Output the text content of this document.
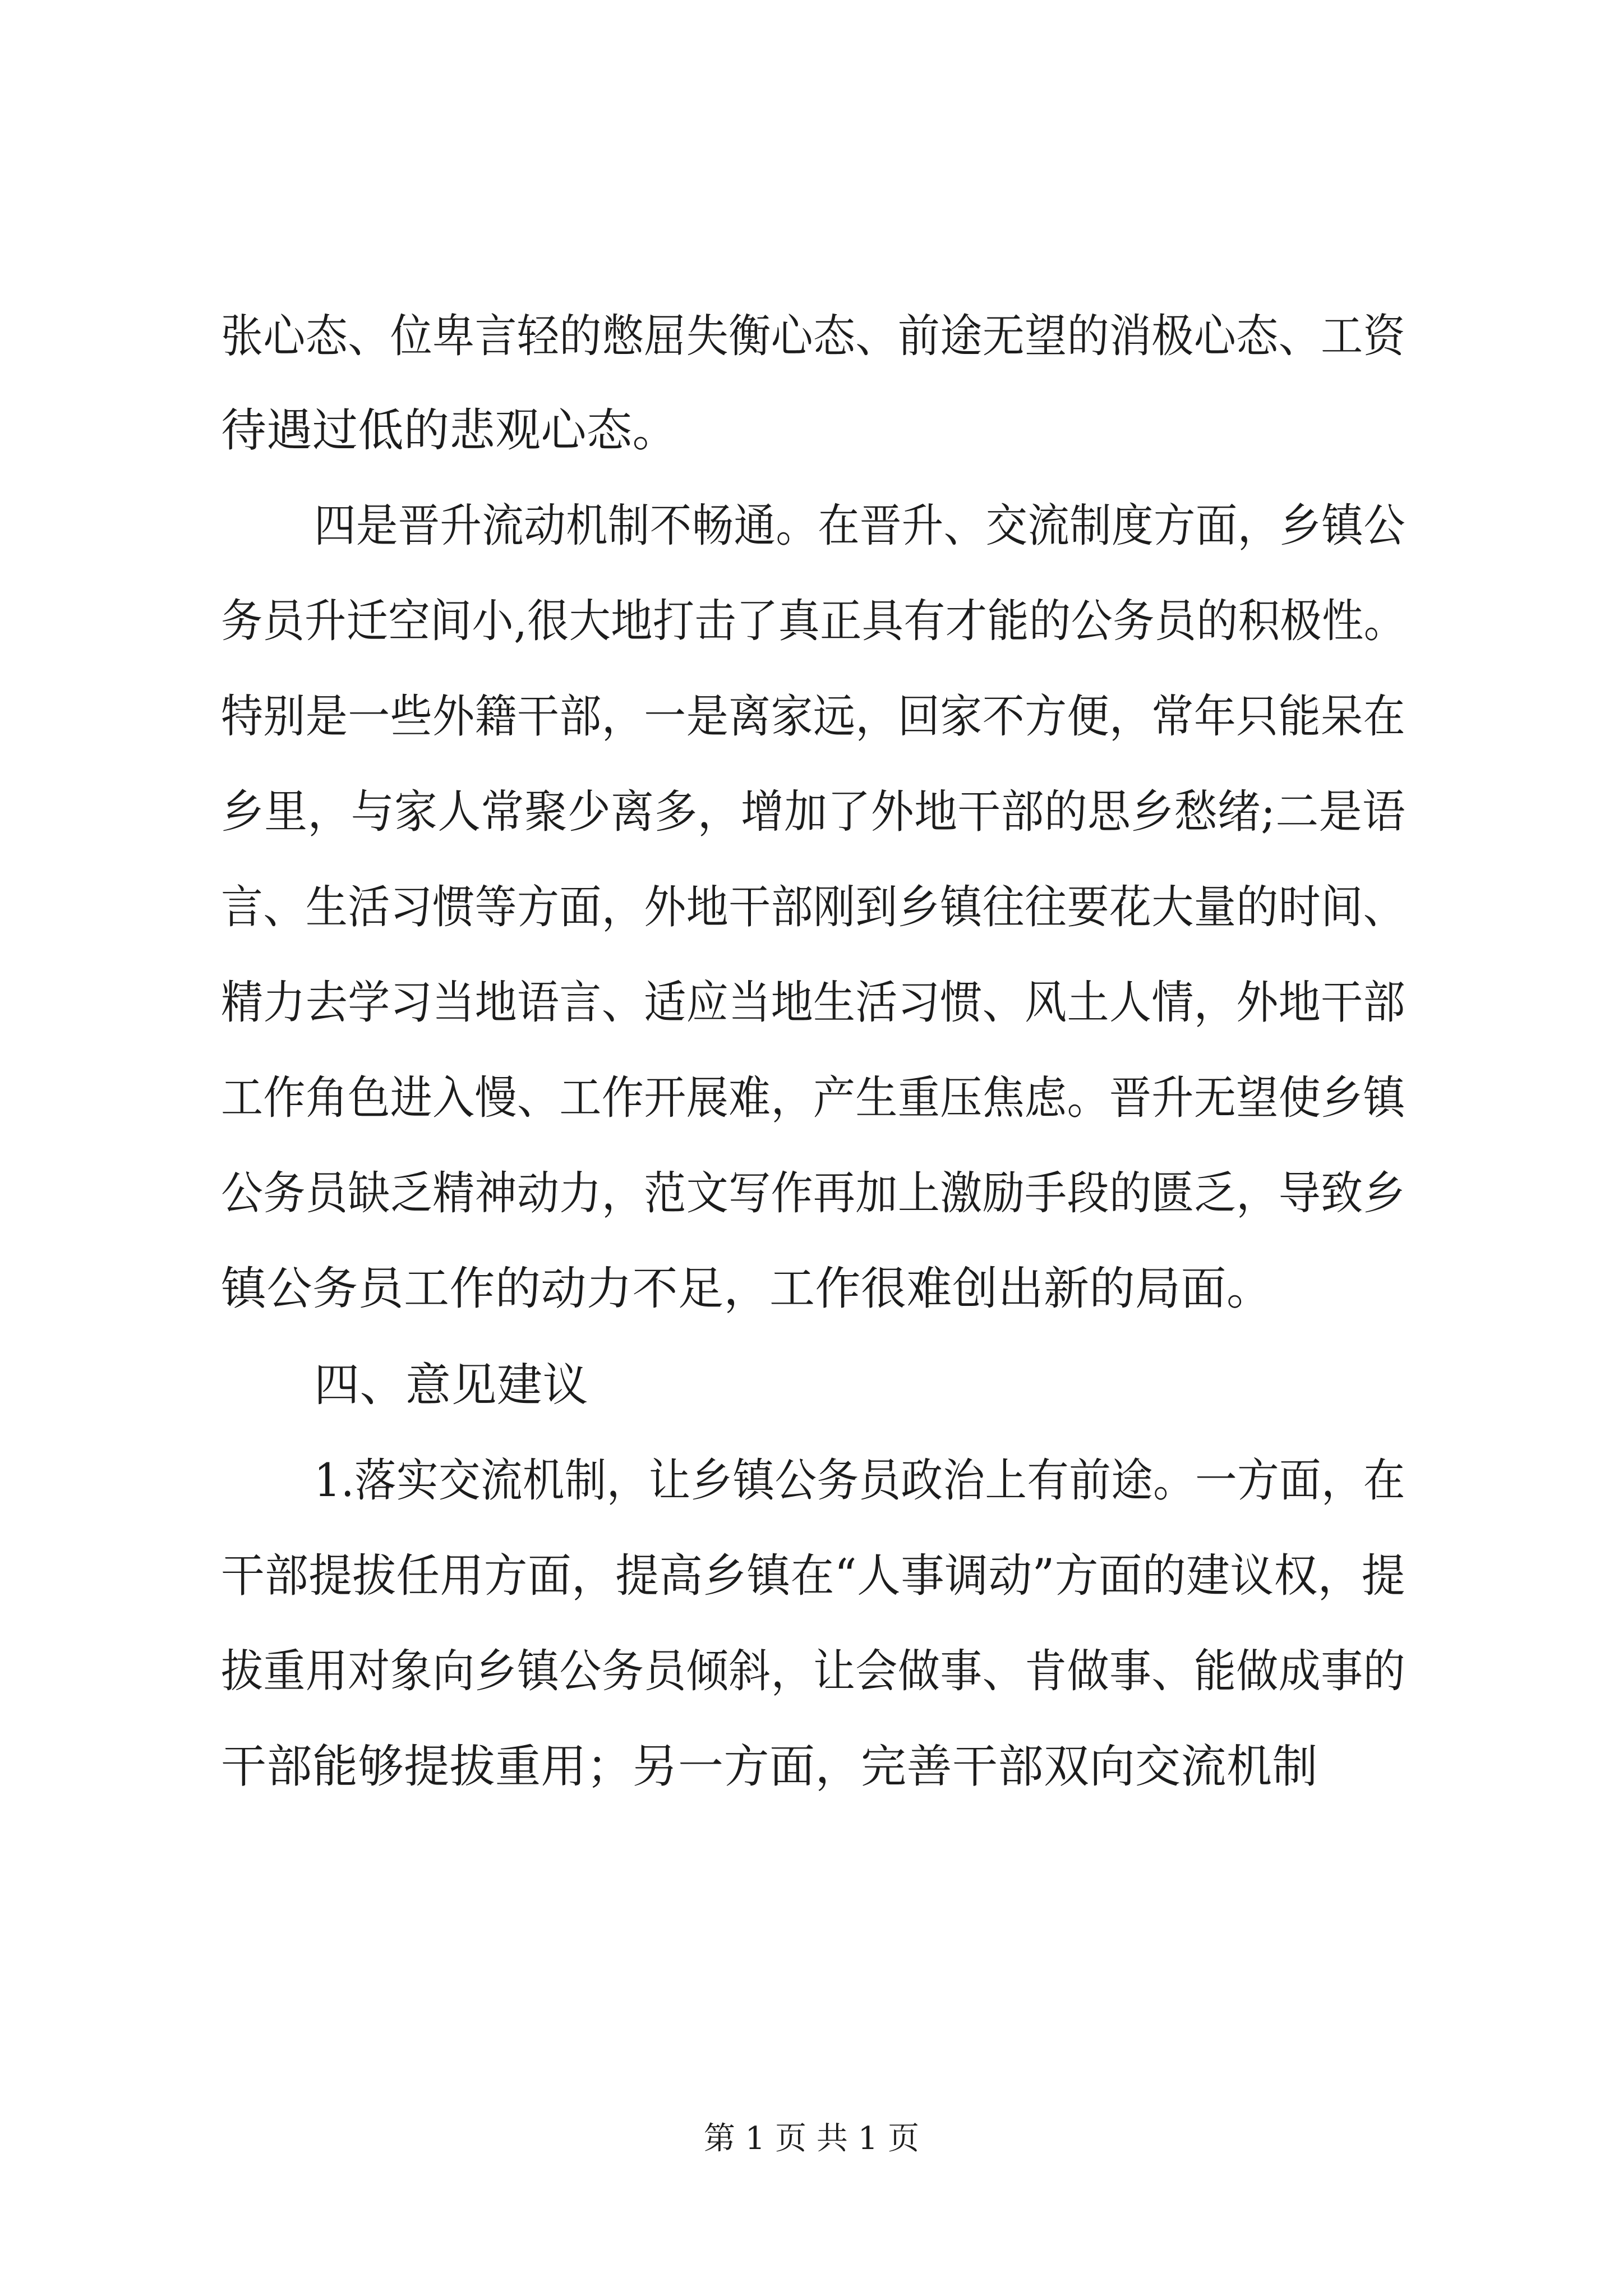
张心态、位卑言轻的憋屈失衡心态、前途无望的消极心态、工资
待遇过低的悲观心态。
四是晋升流动机制不畅通。在晋升、交流制度方面，乡镇公
务员升迁空间小,很大地打击了真正具有才能的公务员的积极性。
特别是一些外籍干部，一是离家远，回家不方便，常年只能呆在
乡里，与家人常聚少离多，增加了外地干部的思乡愁绪;二是语
言、生活习惯等方面，外地干部刚到乡镇往往要花大量的时间、
精力去学习当地语言、适应当地生活习惯、风土人情，外地干部
工作角色进入慢、工作开展难，产生重压焦虑。晋升无望使乡镇
公务员缺乏精神动力，范文写作再加上激励手段的匮乏，导致乡
镇公务员工作的动力不足，工作很难创出新的局面。
四、意见建议
1.落实交流机制，让乡镇公务员政治上有前途。一方面，在
干部提拔任用方面，提高乡镇在“人事调动”方面的建议权，提
拔重用对象向乡镇公务员倾斜，让会做事、肯做事、能做成事的
干部能够提拔重用；另一方面，完善干部双向交流机制
第 1 页 共 1 页
